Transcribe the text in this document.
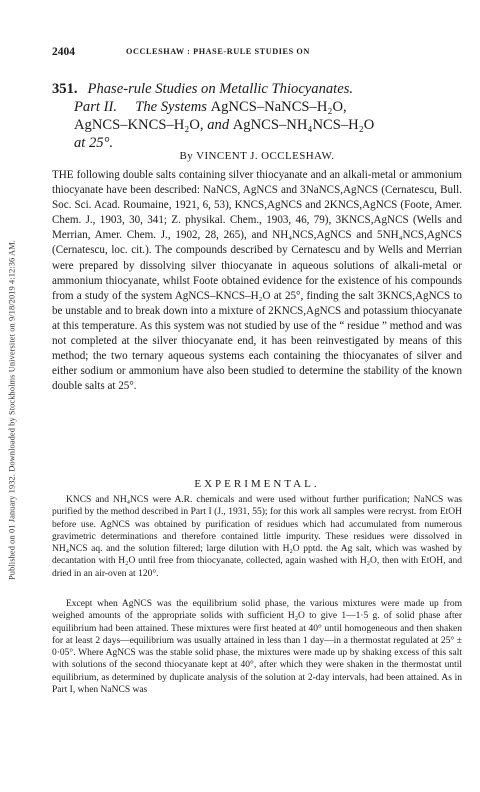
Published on 01 January 1932. Downloaded by Stockholms Universitet on 9/18/2019 4:12:36 AM.
2404	OCCLESHAW : PHASE-RULE STUDIES ON
351. Phase-rule Studies on Metallic Thiocyanates.
Part II. The Systems AgNCS–NaNCS–H₂O,
AgNCS–KNCS–H₂O, and AgNCS–NH₄NCS–H₂O
at 25°.
By VINCENT J. OCCLESHAW.
THE following double salts containing silver thiocyanate and an alkali-metal or ammonium thiocyanate have been described: NaNCS, AgNCS and 3NaNCS,AgNCS (Cernatescu, Bull. Soc. Sci. Acad. Roumaine, 1921, 6, 53), KNCS,AgNCS and 2KNCS,AgNCS (Foote, Amer. Chem. J., 1903, 30, 341; Z. physikal. Chem., 1903, 46, 79), 3KNCS,AgNCS (Wells and Merrian, Amer. Chem. J., 1902, 28, 265), and NH₄NCS,AgNCS and 5NH₄NCS,AgNCS (Cernatescu, loc. cit.). The compounds described by Cernatescu and by Wells and Merrian were prepared by dissolving silver thiocyanate in aqueous solutions of alkali-metal or ammonium thiocyanate, whilst Foote obtained evidence for the existence of his compounds from a study of the system AgNCS–KNCS–H₂O at 25°, finding the salt 3KNCS,AgNCS to be unstable and to break down into a mixture of 2KNCS,AgNCS and potassium thiocyanate at this temperature. As this system was not studied by use of the “ residue ” method and was not completed at the silver thiocyanate end, it has been reinvestigated by means of this method; the two ternary aqueous systems each containing the thiocyanates of silver and either sodium or ammonium have also been studied to determine the stability of the known double salts at 25°.
EXPERIMENTAL.
KNCS and NH₄NCS were A.R. chemicals and were used without further purification; NaNCS was purified by the method described in Part I (J., 1931, 55); for this work all samples were recryst. from EtOH before use. AgNCS was obtained by purification of residues which had accumulated from numerous gravimetric determinations and therefore contained little impurity. These residues were dissolved in NH₄NCS aq. and the solution filtered; large dilution with H₂O pptd. the Ag salt, which was washed by decantation with H₂O until free from thiocyanate, collected, again washed with H₂O, then with EtOH, and dried in an air-oven at 120°.
Except when AgNCS was the equilibrium solid phase, the various mixtures were made up from weighed amounts of the appropriate solids with sufficient H₂O to give 1—1·5 g. of solid phase after equilibrium had been attained. These mixtures were first heated at 40° until homogeneous and then shaken for at least 2 days—equilibrium was usually attained in less than 1 day—in a thermostat regulated at 25° ± 0·05°. Where AgNCS was the stable solid phase, the mixtures were made up by shaking excess of this salt with solutions of the second thiocyanate kept at 40°, after which they were shaken in the thermostat until equilibrium, as determined by duplicate analysis of the solution at 2-day intervals, had been attained. As in Part I, when NaNCS was
